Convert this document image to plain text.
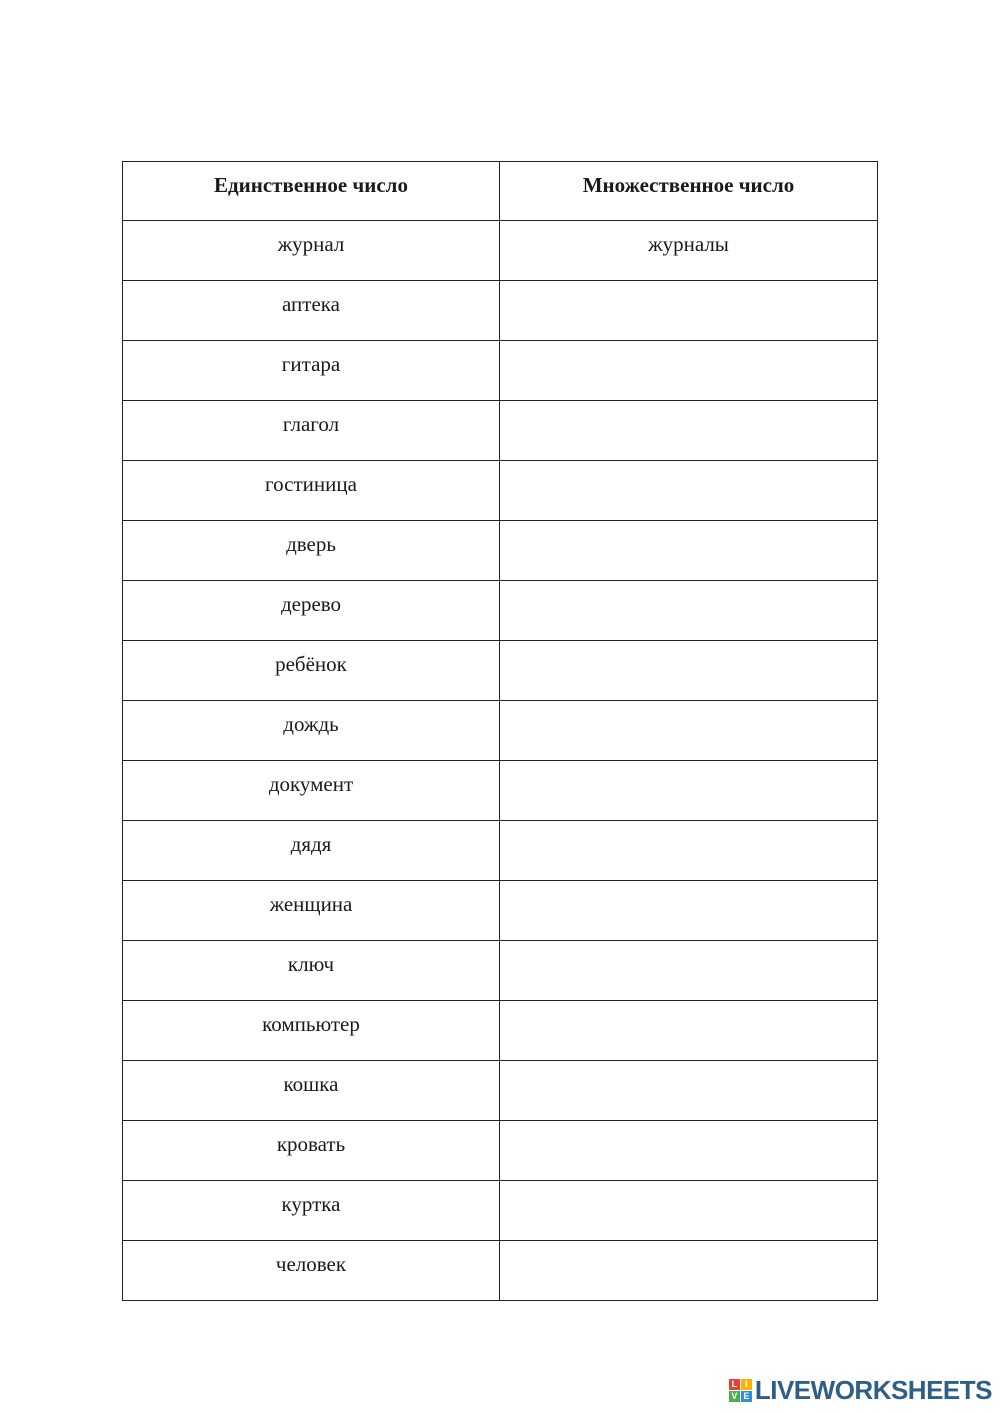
Единственное число	Множественное число
журнал	журналы
аптека	
гитара	
глагол	
гостиница	
дверь	
дерево	
ребёнок	
дождь	
документ	
дядя	
женщина	
ключ	
компьютер	
кошка	
кровать	
куртка	
человек	
L I
V E LIVEWORKSHEETS
